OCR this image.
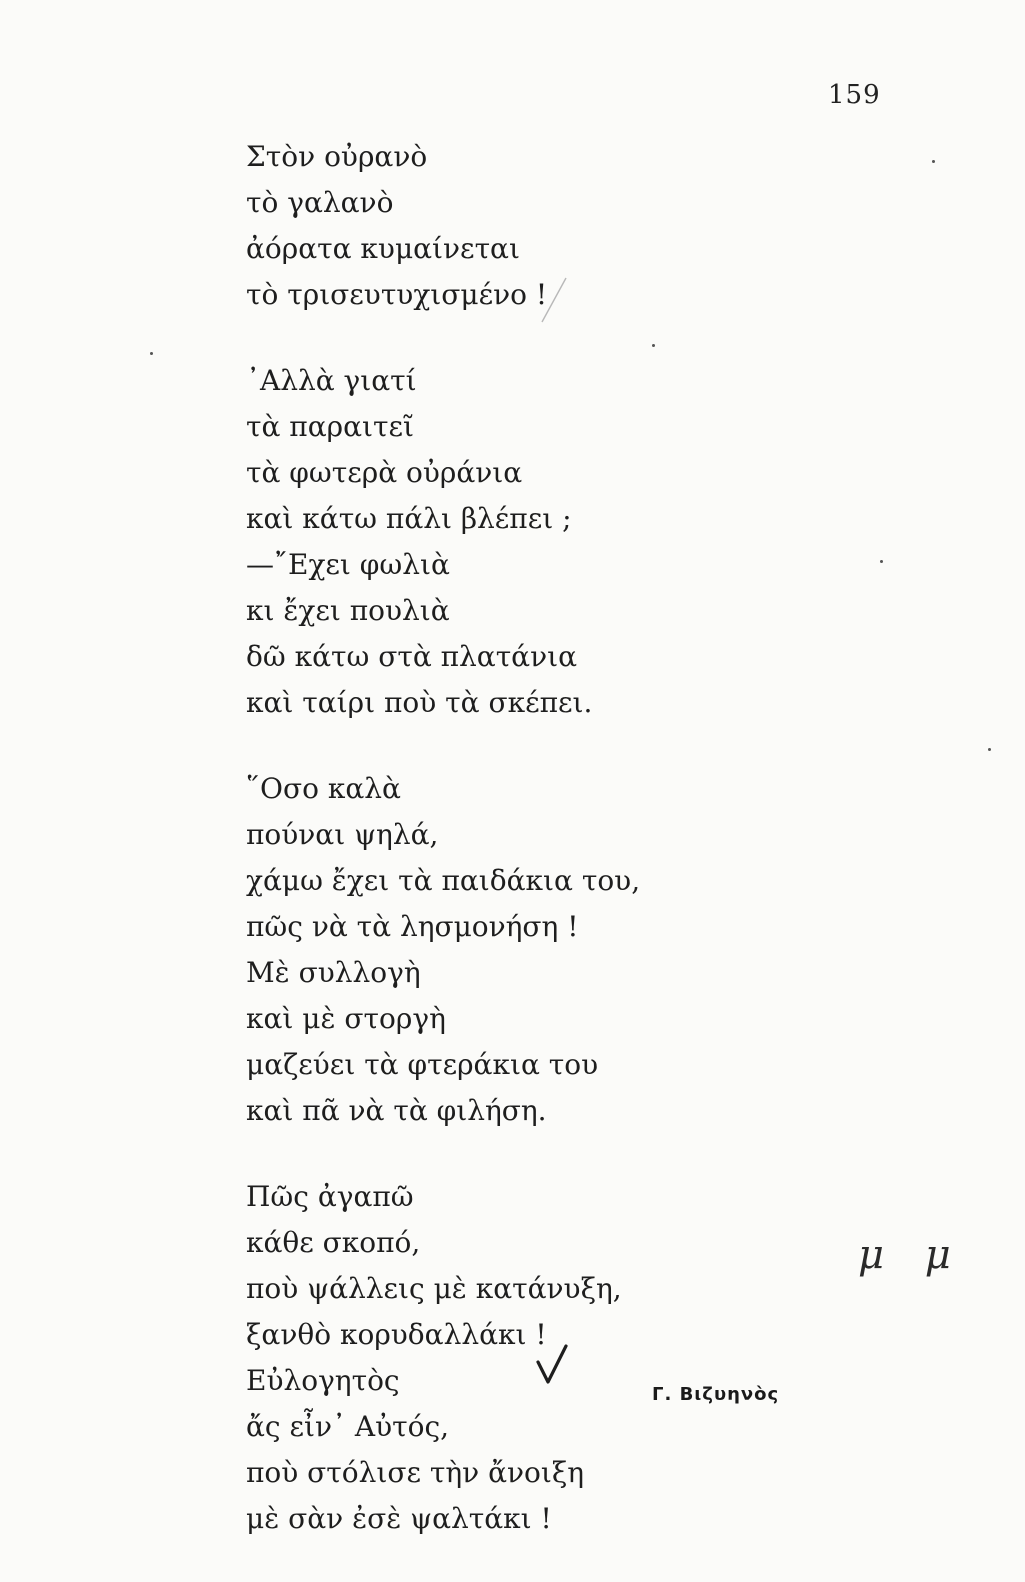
159
Στὸν οὐρανὸ
τὸ γαλανὸ
ἀόρατα κυμαίνεται
τὸ τρισευτυχισμένο !
᾿Αλλὰ γιατί
τὰ παραιτεῖ
τὰ φωτερὰ οὐράνια
καὶ κάτω πάλι βλέπει ;
—῎Εχει φωλιὰ
κι ἔχει πουλιὰ
δῶ κάτω στὰ πλατάνια
καὶ ταίρι ποὺ τὰ σκέπει.
῞Οσο καλὰ
πούναι ψηλά,
χάμω ἔχει τὰ παιδάκια του,
πῶς νὰ τὰ λησμονήση !
Μὲ συλλογὴ
καὶ μὲ στοργὴ
μαζεύει τὰ φτεράκια του
καὶ πᾶ νὰ τὰ φιλήση.
Πῶς ἀγαπῶ
κάθε σκοπό,
ποὺ ψάλλεις μὲ κατάνυξη,
ξανθὸ κορυδαλλάκι !
Εὐλογητὸς
ἄς εἶν᾿ Αὐτός,
ποὺ στόλισε τὴν ἄνοιξη
μὲ σὰν ἐσὲ ψαλτάκι !
μ μ
Γ. Βιζυηνὸς
